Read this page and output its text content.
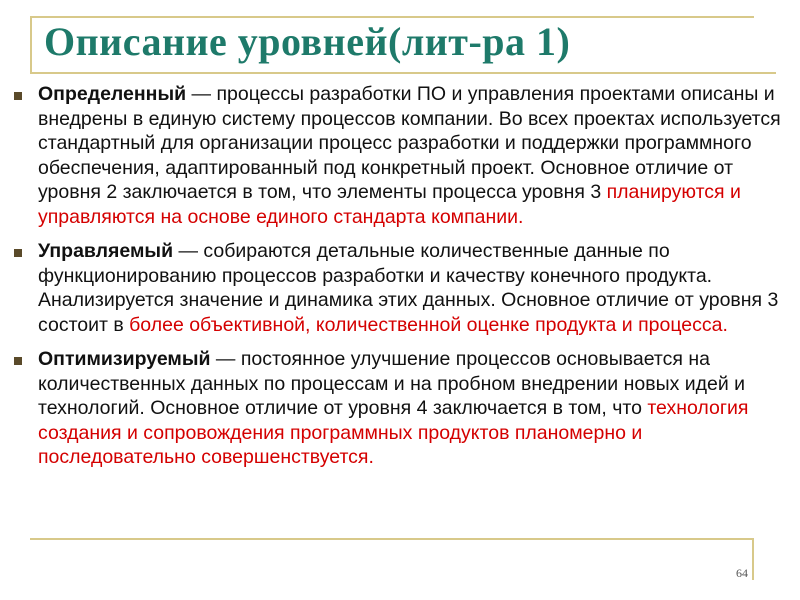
Описание уровней(лит-ра 1)
Определенный — процессы разработки ПО и управления проектами описаны и внедрены в единую систему процессов компании. Во всех проектах используется стандартный для организации процесс разработки и поддержки программного обеспечения, адаптированный под конкретный проект. Основное отличие от уровня 2 заключается в том, что элементы процесса уровня 3 планируются и управляются на основе единого стандарта компании.
Управляемый — собираются детальные количественные данные по функционированию процессов разработки и качеству конечного продукта. Анализируется значение и динамика этих данных. Основное отличие от уровня 3 состоит в более объективной, количественной оценке продукта и процесса.
Оптимизируемый — постоянное улучшение процессов основывается на количественных данных по процессам и на пробном внедрении новых идей и технологий. Основное отличие от уровня 4 заключается в том, что технология создания и сопровождения программных продуктов планомерно и последовательно совершенствуется.
64
